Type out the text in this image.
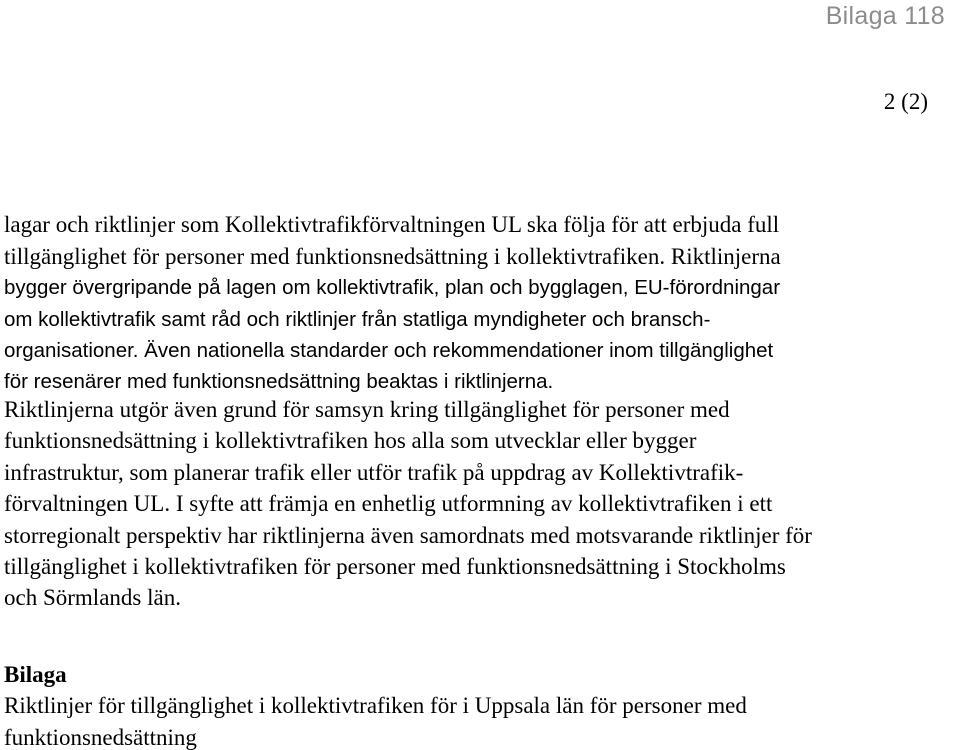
Bilaga 118
2 (2)

lagar och riktlinjer som Kollektivtrafikförvaltningen UL ska följa för att erbjuda full
tillgänglighet för personer med funktionsnedsättning i kollektivtrafiken. Riktlinjerna

bygger övergripande på lagen om kollektivtrafik, plan och bygglagen, EU-förordningar
om kollektivtrafik samt råd och riktlinjer från statliga myndigheter och bransch-
organisationer. Även nationella standarder och rekommendationer inom tillgänglighet
för resenärer med funktionsnedsättning beaktas i riktlinjerna.

Riktlinjerna utgör även grund för samsyn kring tillgänglighet för personer med
funktionsnedsättning i kollektivtrafiken hos alla som utvecklar eller bygger
infrastruktur, som planerar trafik eller utför trafik på uppdrag av Kollektivtrafik-
förvaltningen UL. I syfte att främja en enhetlig utformning av kollektivtrafiken i ett
storregionalt perspektiv har riktlinjerna även samordnats med motsvarande riktlinjer för
tillgänglighet i kollektivtrafiken för personer med funktionsnedsättning i Stockholms
och Sörmlands län.

Bilaga
Riktlinjer för tillgänglighet i kollektivtrafiken för i Uppsala län för personer med
funktionsnedsättning
